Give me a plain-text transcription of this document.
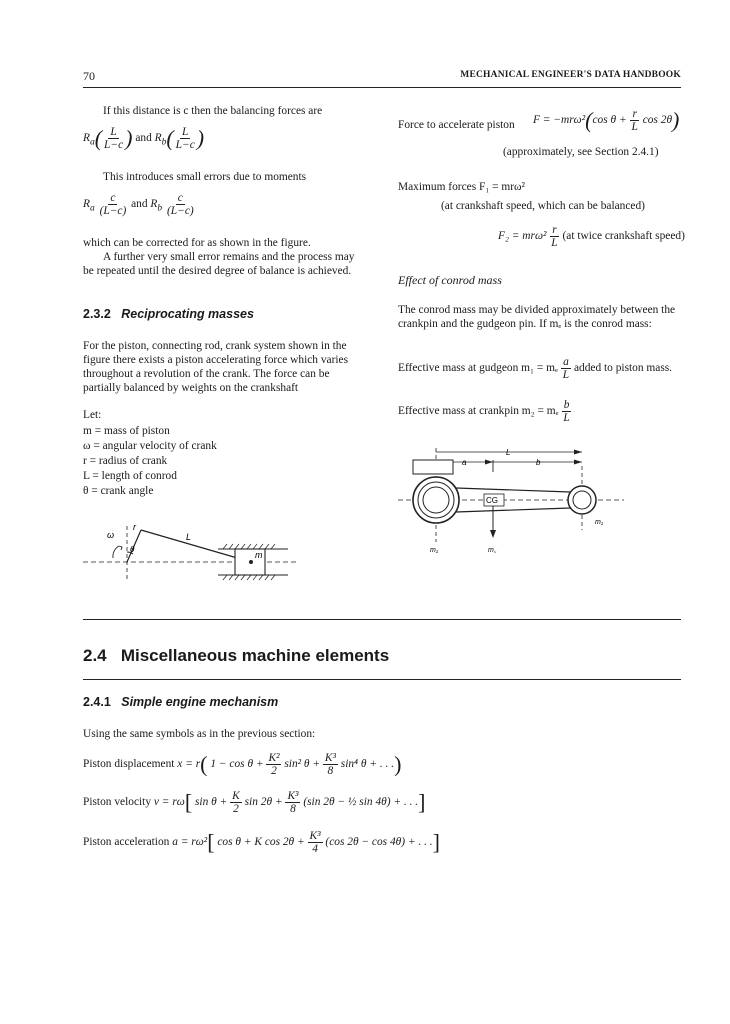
70	MECHANICAL ENGINEER'S DATA HANDBOOK
If this distance is c then the balancing forces are
$R_a( \frac{L}{L-c}$ ) and $R_b( \frac{L}{L-c}$ )
This introduces small errors due to moments
$R_a \frac{c}{(L-c)}$ and $R_b \frac{c}{(L-c)}$
which can be corrected for as shown in the figure.
A further very small error remains and the process may be repeated until the desired degree of balance is achieved.
2.3.2 Reciprocating masses
For the piston, connecting rod, crank system shown in the figure there exists a piston accelerating force which varies throughout a revolution of the crank. The force can be partially balanced by weights on the crankshaft
Let:
m = mass of piston
ω = angular velocity of crank
r = radius of crank
L = length of conrod
θ = crank angle
ω
r
θ
L
m
Force to accelerate piston F = −mrω²(cos $\theta + \frac{r}{L}$ cos 2θ)
(approximately, see Section 2.4.1)
Maximum forces F₁ = mrω²
(at crankshaft speed, which can be balanced)
$F_2 = mr\omega^2 \frac{r}{L} (at$ twice crankshaft speed)
Effect of conrod mass
The conrod mass may be divided approximately between the crankpin and the gudgeon pin. If mₑ is the conrod mass:
Effective mass at gudgeon m₁ = mₑ $\frac{a}{L}$ added to piston mass.
Effective mass at crankpin m₂ = mₑ $\frac{b}{L}$
a	b
L
CG
m₁	m꜀
m₁
2.4 Miscellaneous machine elements
2.4.1 Simple engine mechanism
Using the same symbols as in the previous section:
Piston displacement x = r( $1 - \cos \theta + \frac{\text{K²}}{2} \sin^2$ $\theta + \frac{\text{K³}}{8} \sin^4$ θ + . . .)
Piston velocity v = rω[ $\sin \theta + \frac{K}{2}$ $\sin 2\theta + \frac{\text{K³}}{8} (\sin$ 2θ − ½ sin 4θ) + . . .]
Piston acceleration a = rω²[ cos θ + K $\cos 2\theta + \frac{\text{K³}}{4} (\cos$ 2θ − cos 4θ) + . . .]
